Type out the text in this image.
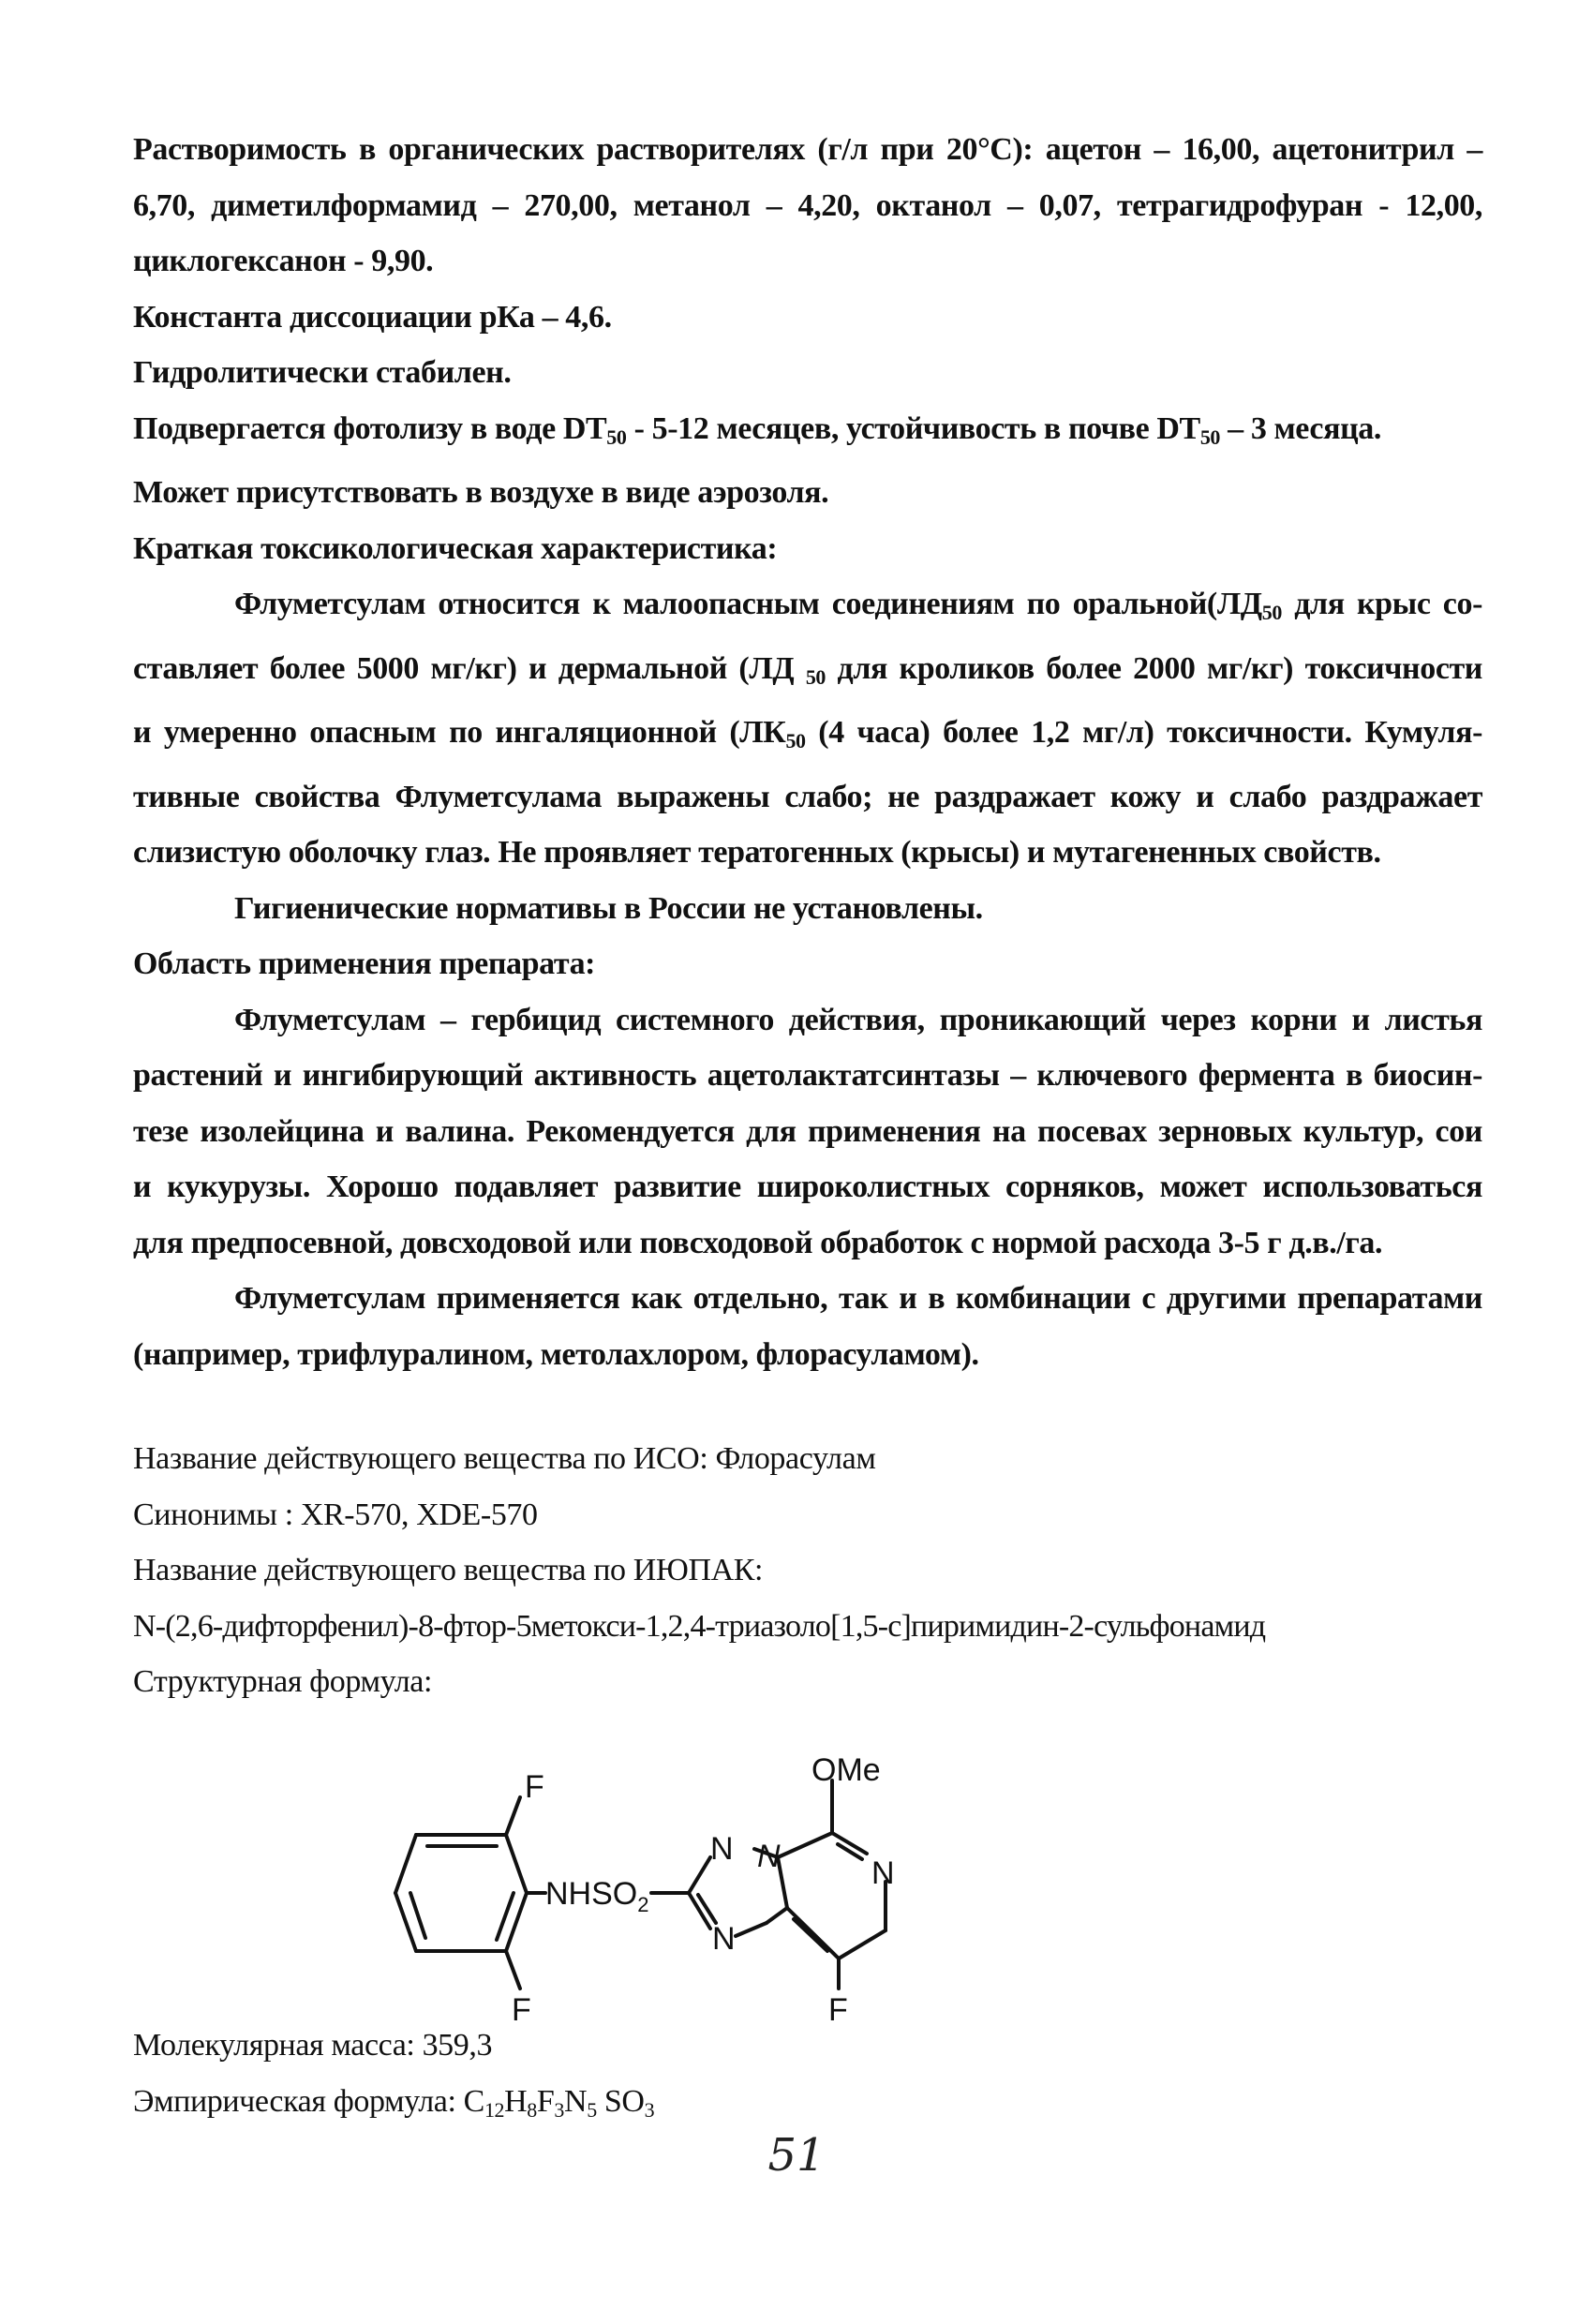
Растворимость в органических растворителях (г/л при 20°С): ацетон – 16,00, ацетонитрил –
6,70, диметилформамид – 270,00, метанол – 4,20, октанол – 0,07, тетрагидрофуран - 12,00,
циклогексанон - 9,90.
Константа диссоциации рКа – 4,6.
Гидролитически стабилен.
Подвергается фотолизу в воде $DT_{50} - 5-12$ месяцев, устойчивость в почве $DT_{50} - 3$ месяца.
Может присутствовать в воздухе в виде аэрозоля.
Краткая токсикологическая характеристика:
Флуметсулам относится к малоопасным соединениям по $оральной(ЛД_{50}$ для крыс со-
ставляет более 5000 мг/кг) и дермальной (ЛД $_{50}$ для кроликов более 2000 мг/кг) токсичности
и умеренно опасным по ингаляционной ($ЛК_{50}$ (4 часа) более 1,2 мг/л) токсичности. Кумуля-
тивные свойства Флуметсулама выражены слабо; не раздражает кожу и слабо раздражает
слизистую оболочку глаз. Не проявляет тератогенных (крысы) и мутагененных свойств.
Гигиенические нормативы в России не установлены.
Область применения препарата:
Флуметсулам – гербицид системного действия, проникающий через корни и листья
растений и ингибирующий активность ацетолактатсинтазы – ключевого фермента в биосин-
тезе изолейцина и валина. Рекомендуется для применения на посевах зерновых культур, сои
и кукурузы. Хорошо подавляет развитие широколистных сорняков, может использоваться
для предпосевной, довсходовой или повсходовой обработок с нормой расхода 3-5 г д.в./га.
Флуметсулам применяется как отдельно, так и в комбинации с другими препаратами
(например, трифлуралином, метолахлором, флорасуламом).
Название действующего вещества по ИСО: Флорасулам
Синонимы : XR-570, XDE-570
Название действующего вещества по ИЮПАК:
N-(2,6-дифторфенил)-8-фтор-5метокси-1,2,4-триазоло[1,5-с]пиримидин-2-сульфонамид
Структурная формула:
F
F
$NHSO_2$
N N	N
N
OMe
F
Молекулярная масса: 359,3
Эмпирическая формула: $C_{12}H_8F_3N_5$ $SO_3$
51
